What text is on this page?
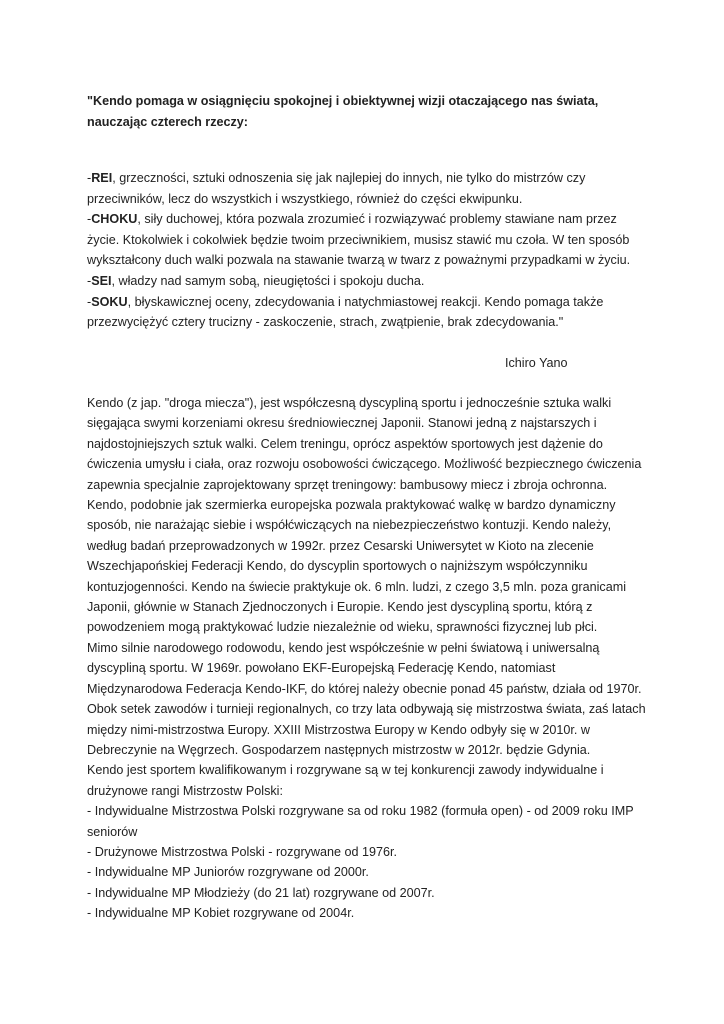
"Kendo pomaga w osiągnięciu spokojnej i obiektywnej wizji otaczającego nas świata, nauczając czterech rzeczy:

-REI, grzeczności, sztuki odnoszenia się jak najlepiej do innych, nie tylko do mistrzów czy przeciwników, lecz do wszystkich i wszystkiego, również do części ekwipunku.

-CHOKU, siły duchowej, która pozwala zrozumieć i rozwiązywać problemy stawiane nam przez życie. Ktokolwiek i cokolwiek będzie twoim przeciwnikiem, musisz stawić mu czoła. W ten sposób wykształcony duch walki pozwala na stawanie twarzą w twarz z poważnymi przypadkami w życiu.

-SEI, władzy nad samym sobą, nieugiętości i spokoju ducha.

-SOKU, błyskawicznej oceny, zdecydowania i natychmiastowej reakcji. Kendo pomaga także przezwyciężyć cztery trucizny - zaskoczenie, strach, zwątpienie, brak zdecydowania."

Ichiro Yano

Kendo (z jap. "droga miecza"), jest współczesną dyscypliną sportu i jednocześnie sztuka walki sięgająca swymi korzeniami okresu średniowiecznej Japonii. Stanowi jedną z najstarszych i najdostojniejszych sztuk walki. Celem treningu, oprócz aspektów sportowych jest dążenie do ćwiczenia umysłu i ciała, oraz rozwoju osobowości ćwiczącego. Możliwość bezpiecznego ćwiczenia zapewnia specjalnie zaprojektowany sprzęt treningowy: bambusowy miecz i zbroja ochronna. Kendo, podobnie jak szermierka europejska pozwala praktykować walkę w bardzo dynamiczny sposób, nie narażając siebie i współćwiczących na niebezpieczeństwo kontuzji. Kendo należy, według badań przeprowadzonych w 1992r. przez Cesarski Uniwersytet w Kioto na zlecenie Wszechjapońskiej Federacji Kendo, do dyscyplin sportowych o najniższym współczynniku kontuzjogenności. Kendo na świecie praktykuje ok. 6 mln. ludzi, z czego 3,5 mln. poza granicami Japonii, głównie w Stanach Zjednoczonych i Europie. Kendo jest dyscypliną sportu, którą z powodzeniem mogą praktykować ludzie niezależnie od wieku, sprawności fizycznej lub płci.

Mimo silnie narodowego rodowodu, kendo jest współcześnie w pełni światową i uniwersalną dyscypliną sportu. W 1969r. powołano EKF-Europejską Federację Kendo, natomiast Międzynarodowa Federacja Kendo-IKF, do której należy obecnie ponad 45 państw, działa od 1970r.

Obok setek zawodów i turnieji regionalnych, co trzy lata odbywają się mistrzostwa świata, zaś latach między nimi-mistrzostwa Europy. XXIII Mistrzostwa Europy w Kendo odbyły się w 2010r. w Debreczynie na Węgrzech. Gospodarzem następnych mistrzostw w 2012r. będzie Gdynia.

Kendo jest sportem kwalifikowanym i rozgrywane są w tej konkurencji zawody indywidualne i drużynowe rangi Mistrzostw Polski:

- Indywidualne Mistrzostwa Polski rozgrywane sa od roku 1982 (formuła open) - od 2009 roku IMP seniorów

- Drużynowe Mistrzostwa Polski - rozgrywane od 1976r.

- Indywidualne MP Juniorów rozgrywane od 2000r.

- Indywidualne MP Młodzieży (do 21 lat) rozgrywane od 2007r.

- Indywidualne MP Kobiet rozgrywane od 2004r.
